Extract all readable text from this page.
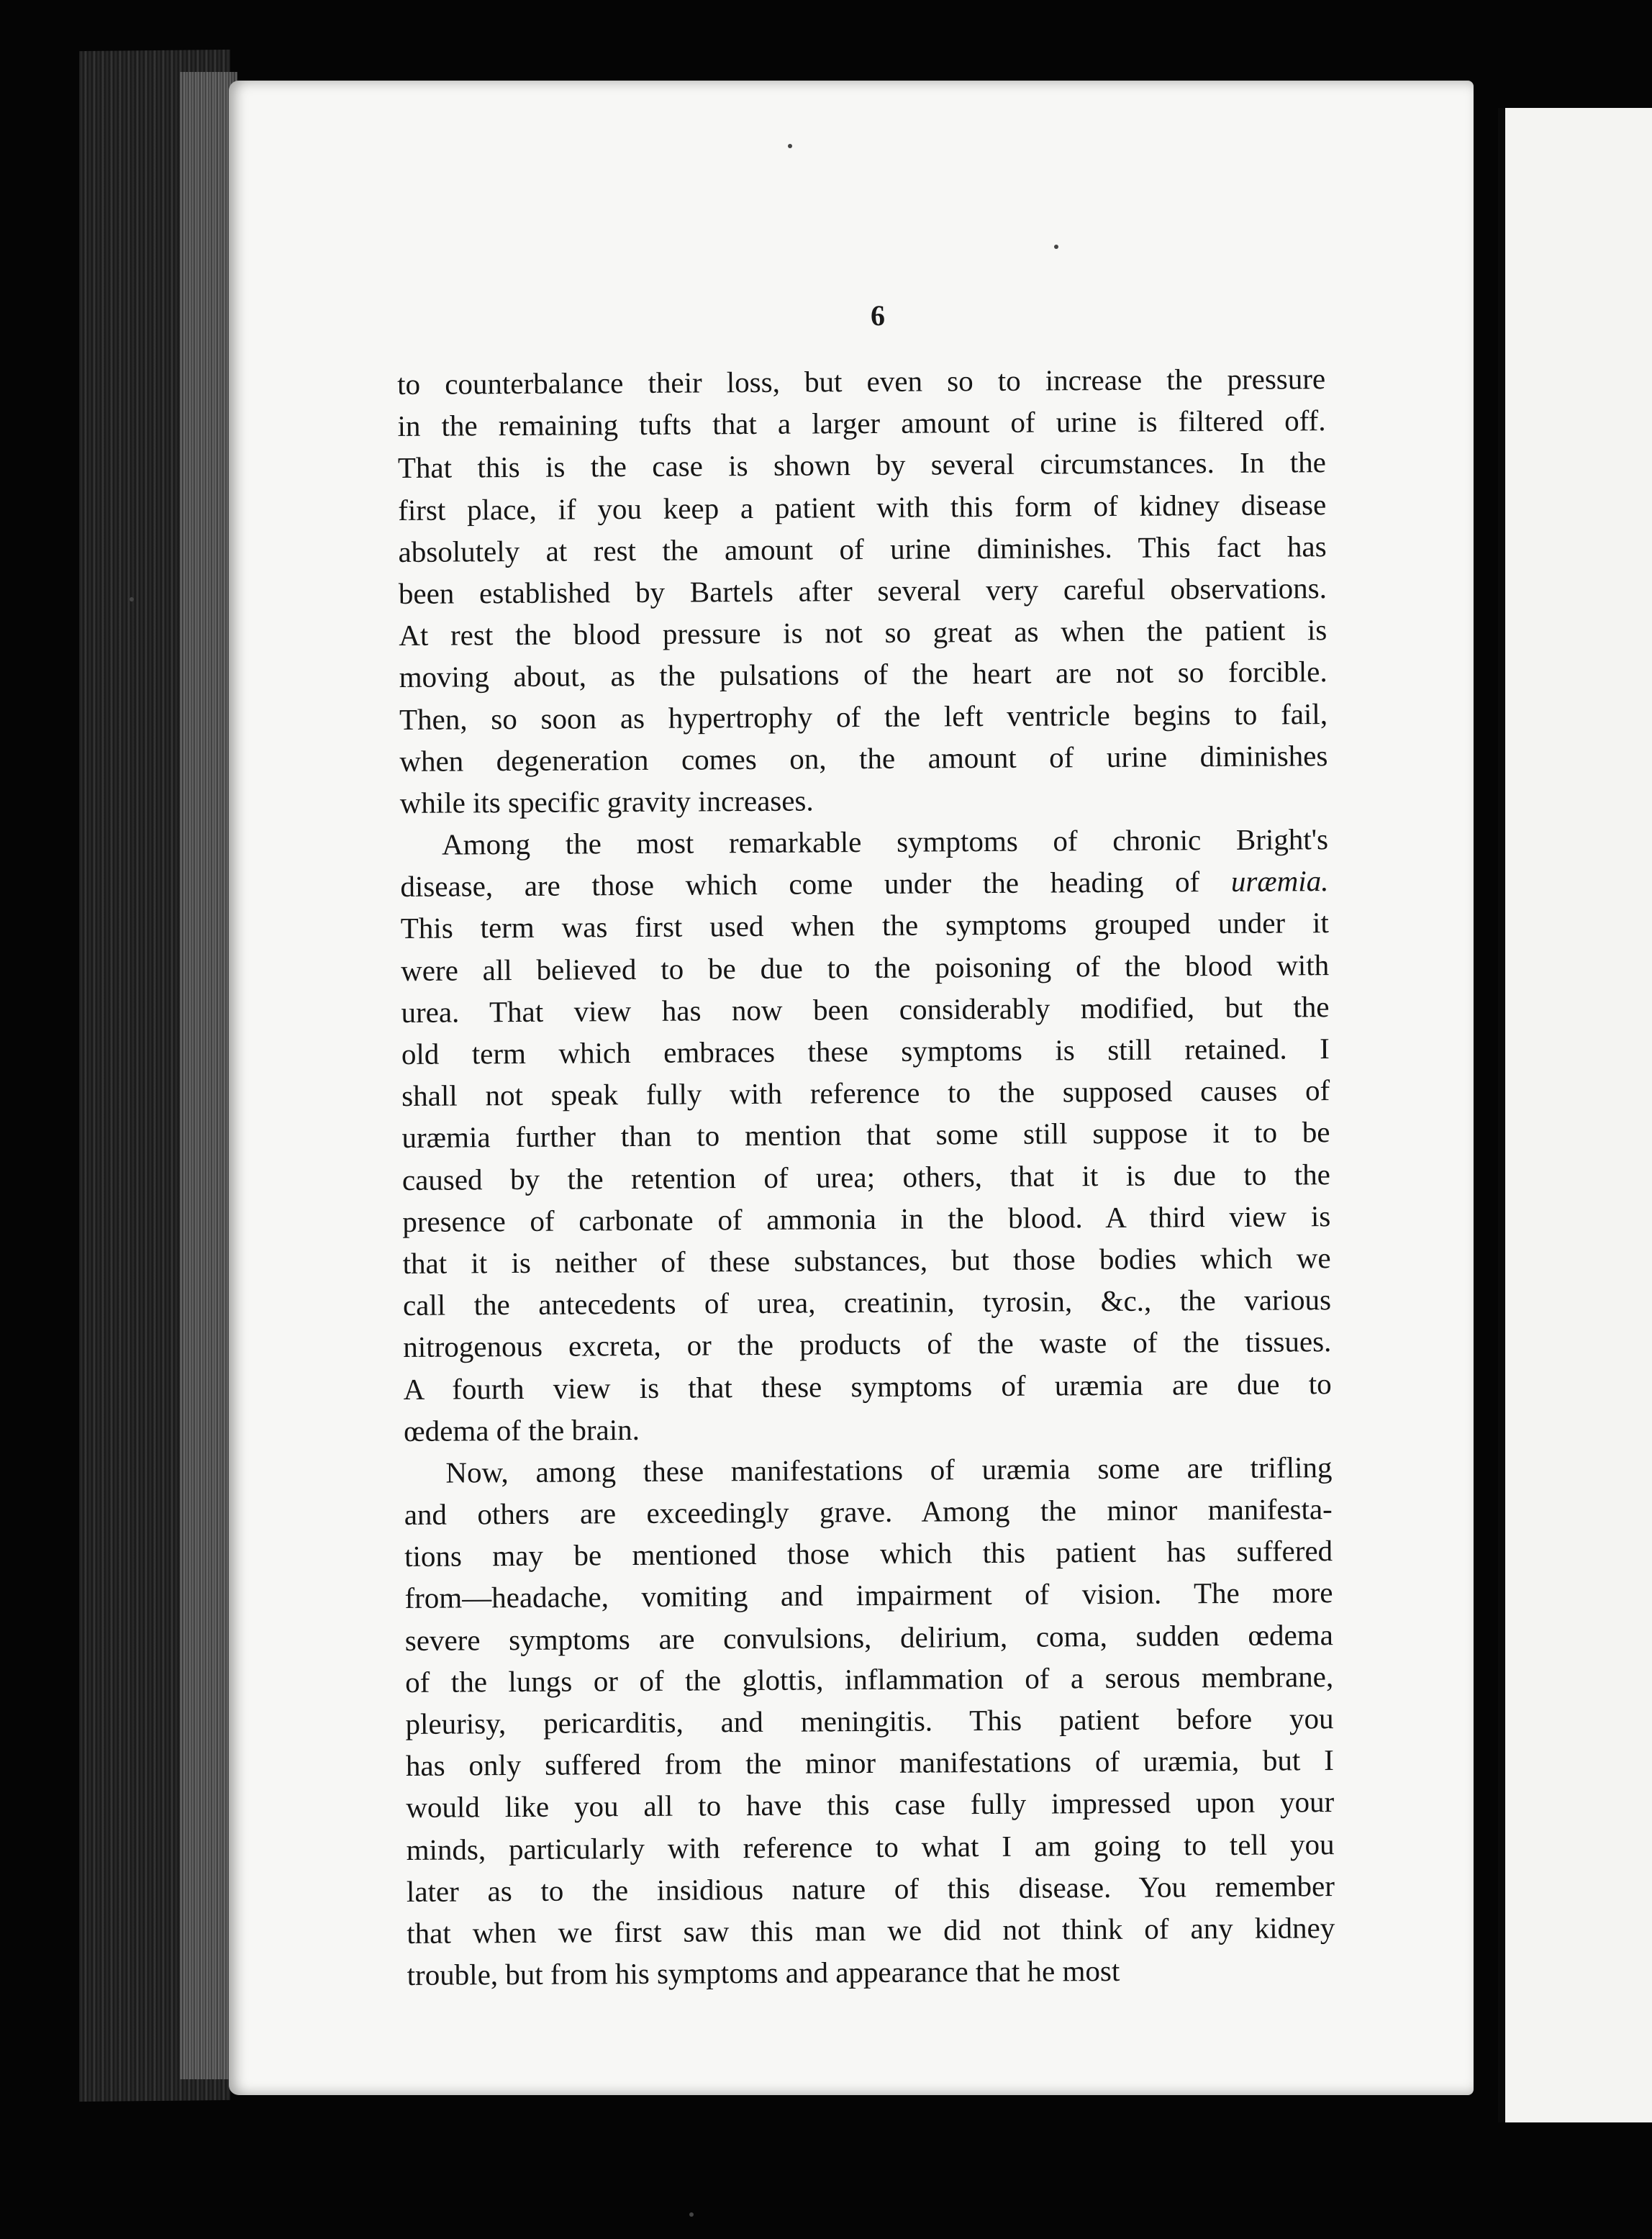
6
to counterbalance their loss, but even so to increase the pressure
in the remaining tufts that a larger amount of urine is filtered off.
That this is the case is shown by several circumstances. In the
first place, if you keep a patient with this form of kidney disease
absolutely at rest the amount of urine diminishes. This fact has
been established by Bartels after several very careful observations.
At rest the blood pressure is not so great as when the patient is
moving about, as the pulsations of the heart are not so forcible.
Then, so soon as hypertrophy of the left ventricle begins to fail,
when degeneration comes on, the amount of urine diminishes
while its specific gravity increases.
Among the most remarkable symptoms of chronic Bright's
disease, are those which come under the heading of uræmia.
This term was first used when the symptoms grouped under it
were all believed to be due to the poisoning of the blood with
urea. That view has now been considerably modified, but the
old term which embraces these symptoms is still retained. I
shall not speak fully with reference to the supposed causes of
uræmia further than to mention that some still suppose it to be
caused by the retention of urea; others, that it is due to the
presence of carbonate of ammonia in the blood. A third view is
that it is neither of these substances, but those bodies which we
call the antecedents of urea, creatinin, tyrosin, &c., the various
nitrogenous excreta, or the products of the waste of the tissues.
A fourth view is that these symptoms of uræmia are due to
œdema of the brain.
Now, among these manifestations of uræmia some are trifling
and others are exceedingly grave. Among the minor manifesta-
tions may be mentioned those which this patient has suffered
from—headache, vomiting and impairment of vision. The more
severe symptoms are convulsions, delirium, coma, sudden œdema
of the lungs or of the glottis, inflammation of a serous membrane,
pleurisy, pericarditis, and meningitis. This patient before you
has only suffered from the minor manifestations of uræmia, but I
would like you all to have this case fully impressed upon your
minds, particularly with reference to what I am going to tell you
later as to the insidious nature of this disease. You remember
that when we first saw this man we did not think of any kidney
trouble, but from his symptoms and appearance that he most
